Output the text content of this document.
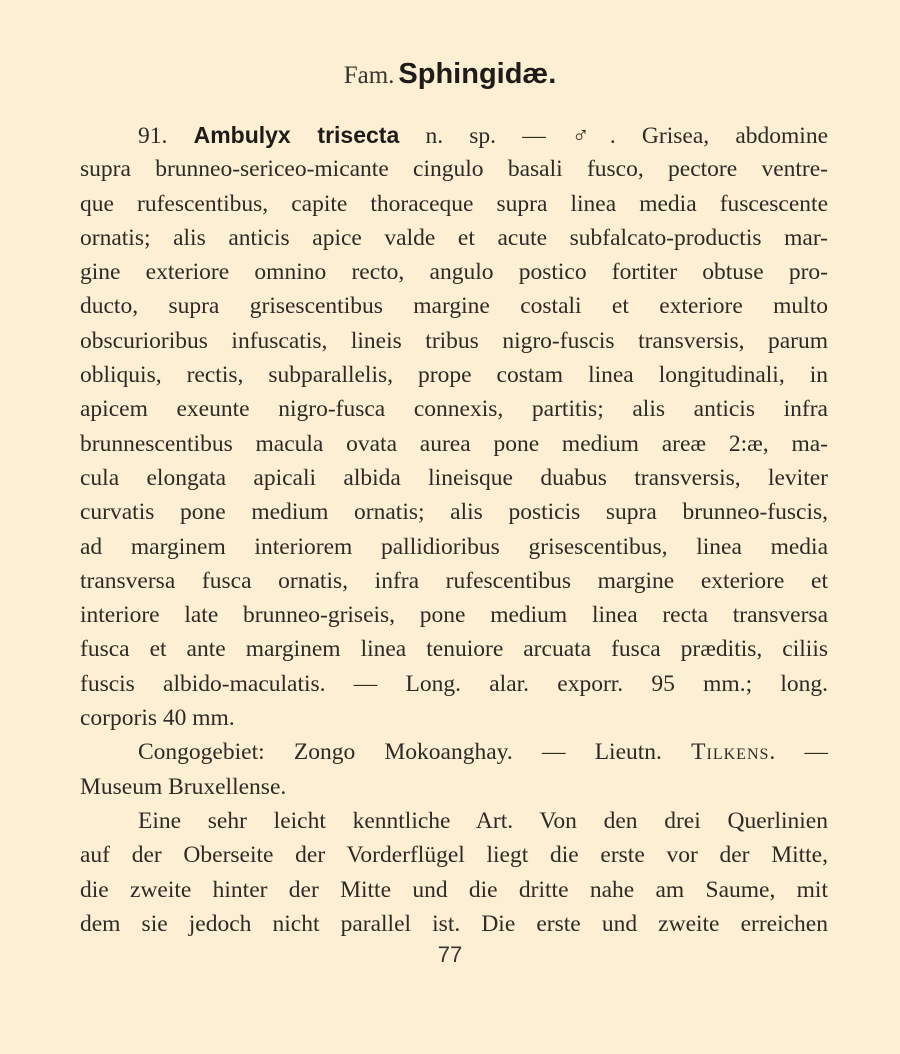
Fam. Sphingidæ.
91. Ambulyx trisecta n. sp. — ♂. Grisea, abdomine
supra brunneo-sericeo-micante cingulo basali fusco, pectore ventre-
que rufescentibus, capite thoraceque supra linea media fuscescente
ornatis; alis anticis apice valde et acute subfalcato-productis mar-
gine exteriore omnino recto, angulo postico fortiter obtuse pro-
ducto, supra grisescentibus margine costali et exteriore multo
obscurioribus infuscatis, lineis tribus nigro-fuscis transversis, parum
obliquis, rectis, subparallelis, prope costam linea longitudinali, in
apicem exeunte nigro-fusca connexis, partitis; alis anticis infra
brunnescentibus macula ovata aurea pone medium areæ 2:æ, ma-
cula elongata apicali albida lineisque duabus transversis, leviter
curvatis pone medium ornatis; alis posticis supra brunneo-fuscis,
ad marginem interiorem pallidioribus grisescentibus, linea media
transversa fusca ornatis, infra rufescentibus margine exteriore et
interiore late brunneo-griseis, pone medium linea recta transversa
fusca et ante marginem linea tenuiore arcuata fusca præditis, ciliis
fuscis albido-maculatis. — Long. alar. exporr. 95 mm.; long.
corporis 40 mm.
Congogebiet: Zongo Mokoanghay. — Lieutn. Tilkens. —
Museum Bruxellense.
Eine sehr leicht kenntliche Art. Von den drei Querlinien
auf der Oberseite der Vorderflügel liegt die erste vor der Mitte,
die zweite hinter der Mitte und die dritte nahe am Saume, mit
dem sie jedoch nicht parallel ist. Die erste und zweite erreichen
77
